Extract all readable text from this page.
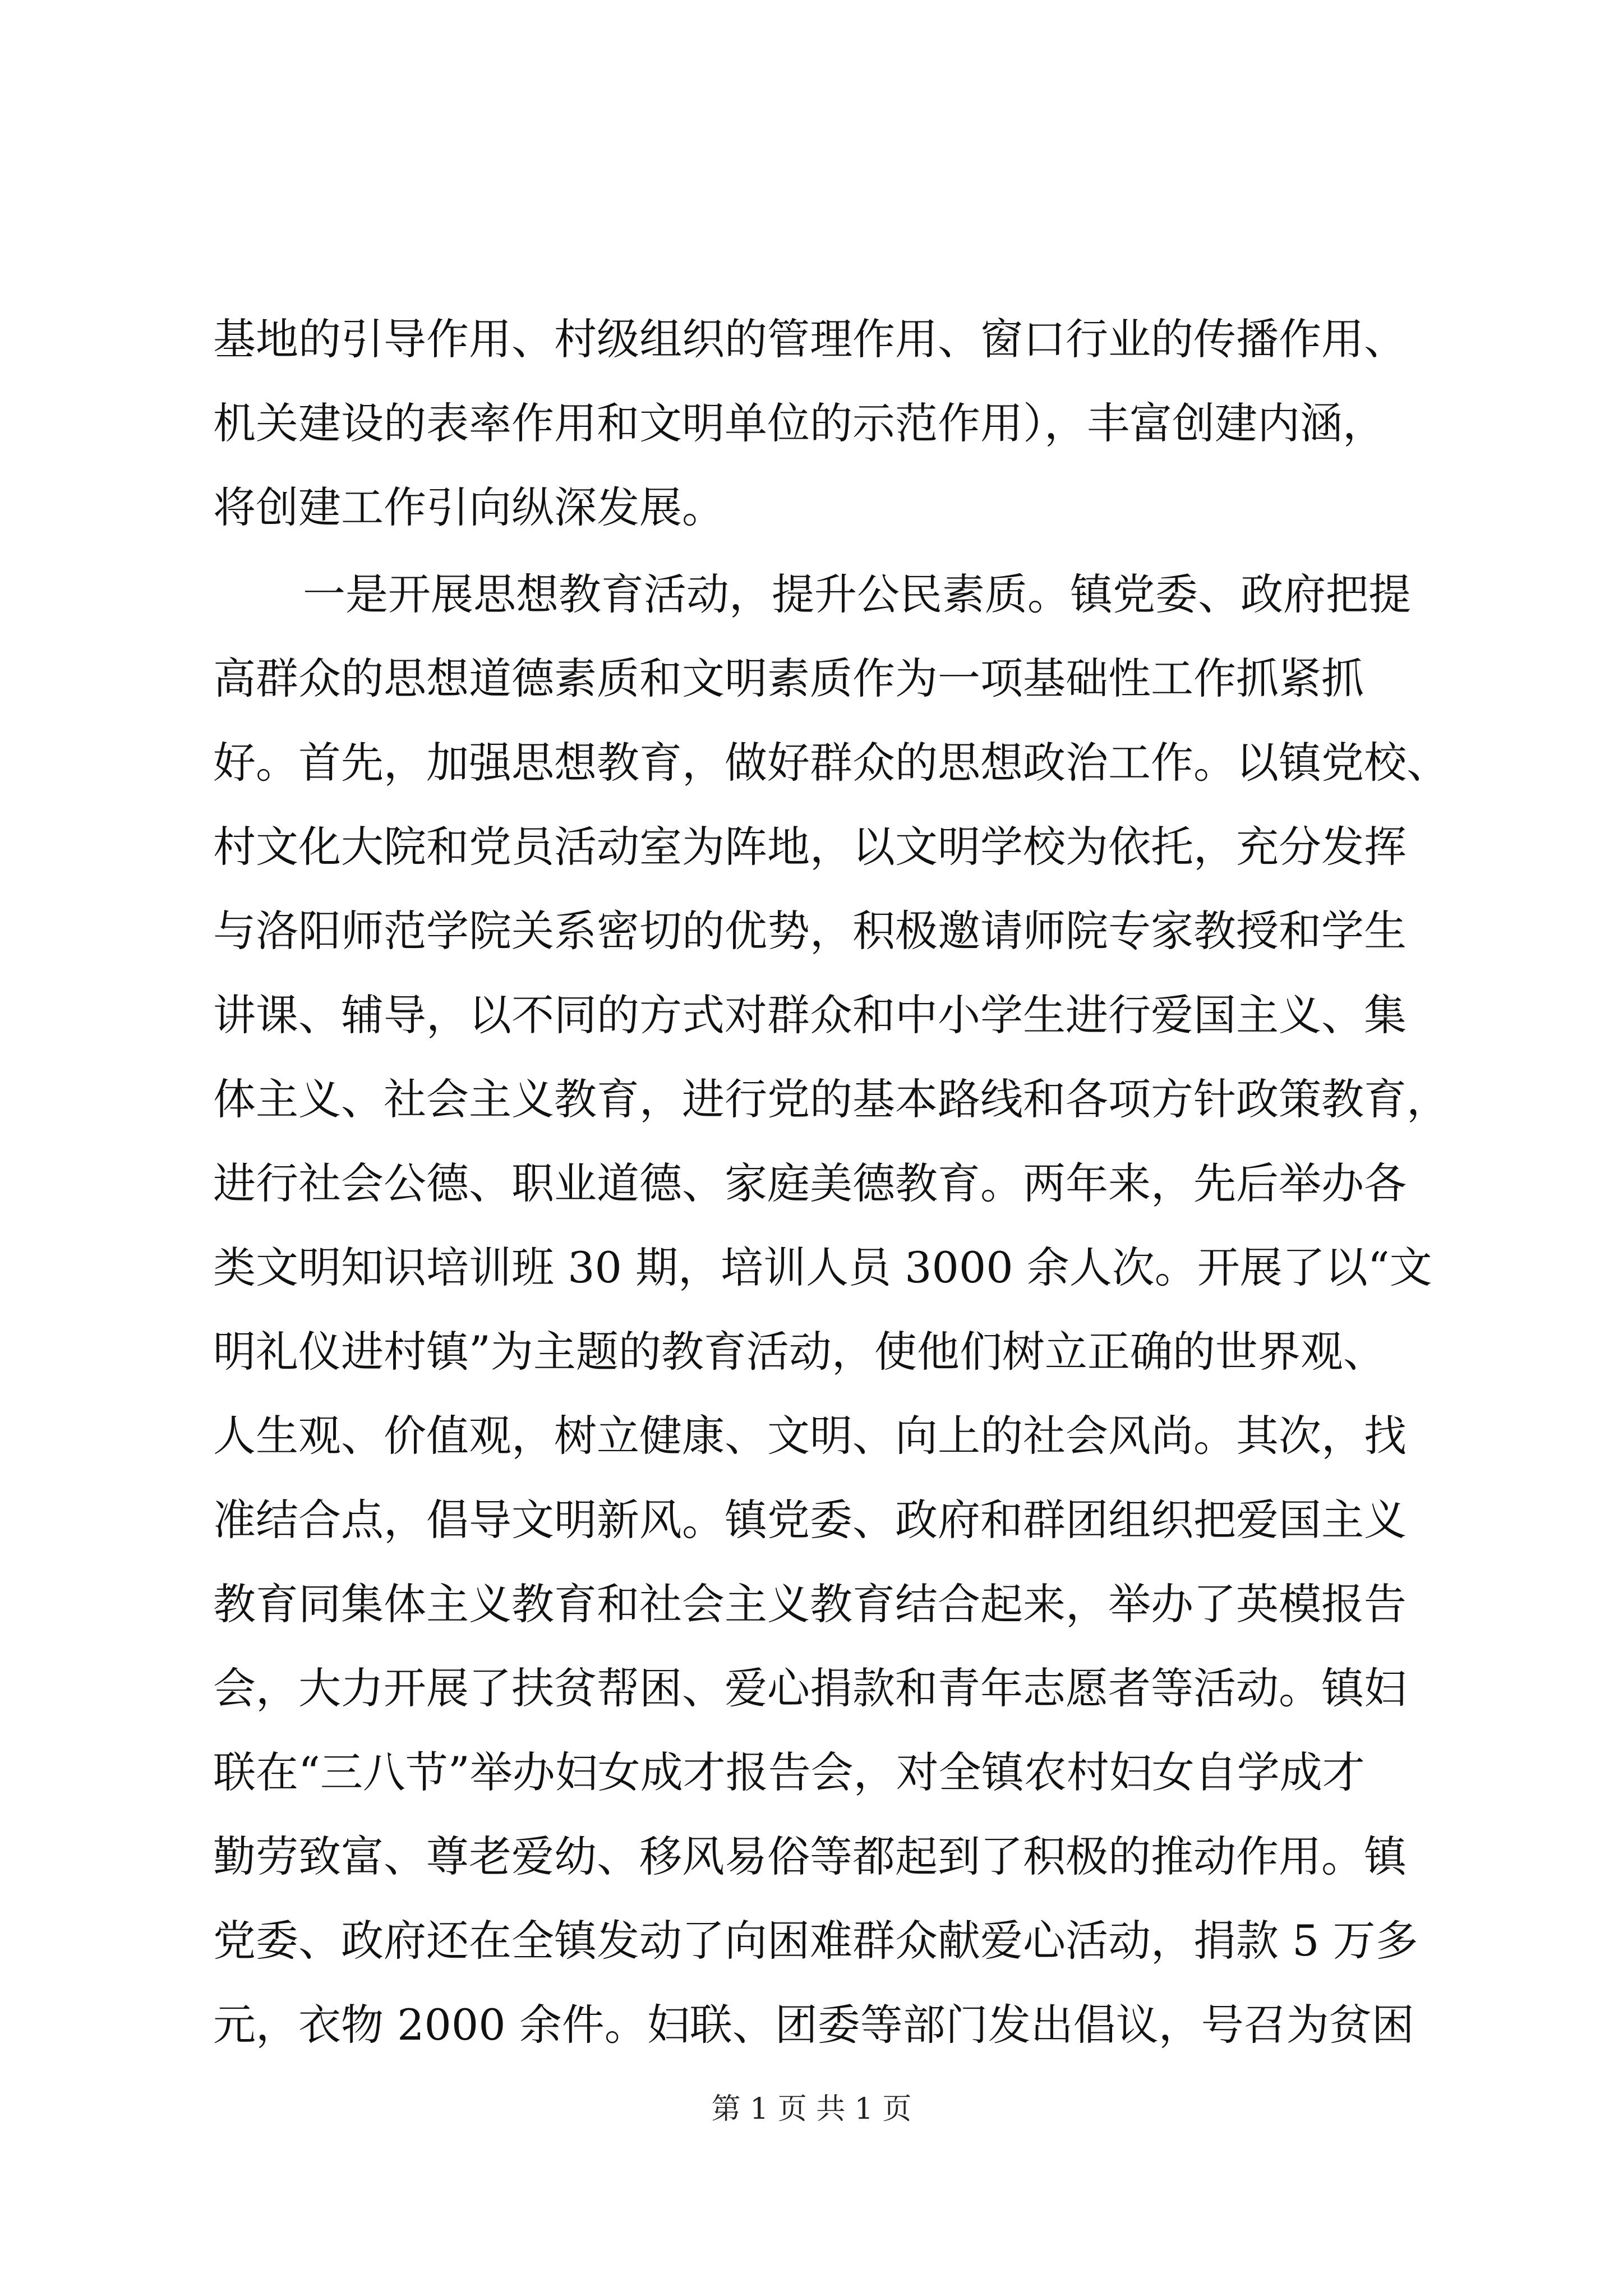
基地的引导作用、村级组织的管理作用、窗口行业的传播作用、
机关建设的表率作用和文明单位的示范作用），丰富创建内涵，
将创建工作引向纵深发展。
一是开展思想教育活动，提升公民素质。镇党委、政府把提
高群众的思想道德素质和文明素质作为一项基础性工作抓紧抓
好。首先，加强思想教育，做好群众的思想政治工作。以镇党校、
村文化大院和党员活动室为阵地，以文明学校为依托，充分发挥
与洛阳师范学院关系密切的优势，积极邀请师院专家教授和学生
讲课、辅导，以不同的方式对群众和中小学生进行爱国主义、集
体主义、社会主义教育，进行党的基本路线和各项方针政策教育，
进行社会公德、职业道德、家庭美德教育。两年来，先后举办各
类文明知识培训班 30 期，培训人员 3000 余人次。开展了以“文
明礼仪进村镇”为主题的教育活动，使他们树立正确的世界观、
人生观、价值观，树立健康、文明、向上的社会风尚。其次，找
准结合点，倡导文明新风。镇党委、政府和群团组织把爱国主义
教育同集体主义教育和社会主义教育结合起来，举办了英模报告
会，大力开展了扶贫帮困、爱心捐款和青年志愿者等活动。镇妇
联在“三八节”举办妇女成才报告会，对全镇农村妇女自学成才
勤劳致富、尊老爱幼、移风易俗等都起到了积极的推动作用。镇
党委、政府还在全镇发动了向困难群众献爱心活动，捐款 5 万多
元，衣物 2000 余件。妇联、团委等部门发出倡议，号召为贫困
第 1 页 共 1 页
